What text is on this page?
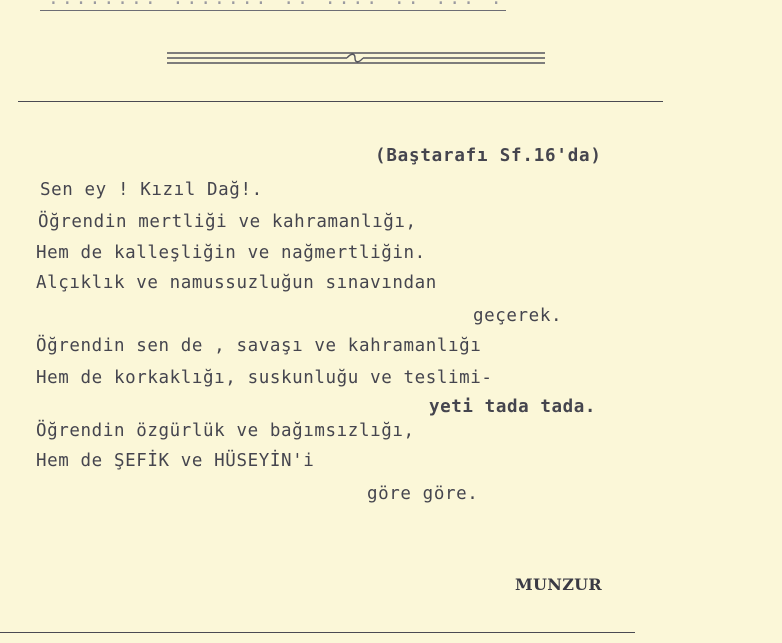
(Baştarafı Sf.16'da)
Sen ey ! Kızıl Dağ!.
Öğrendin mertliği ve kahramanlığı,
Hem de kalleşliğin ve nağmertliğin.
Alçıklık ve namussuzluğun sınavından
geçerek.
Öğrendin sen de , savaşı ve kahramanlığı
Hem de korkaklığı, suskunluğu ve teslimi-
yeti tada tada.
Öğrendin özgürlük ve bağımsızlığı,
Hem de ŞEFİK ve HÜSEYİN'i
göre göre.
MUNZUR
